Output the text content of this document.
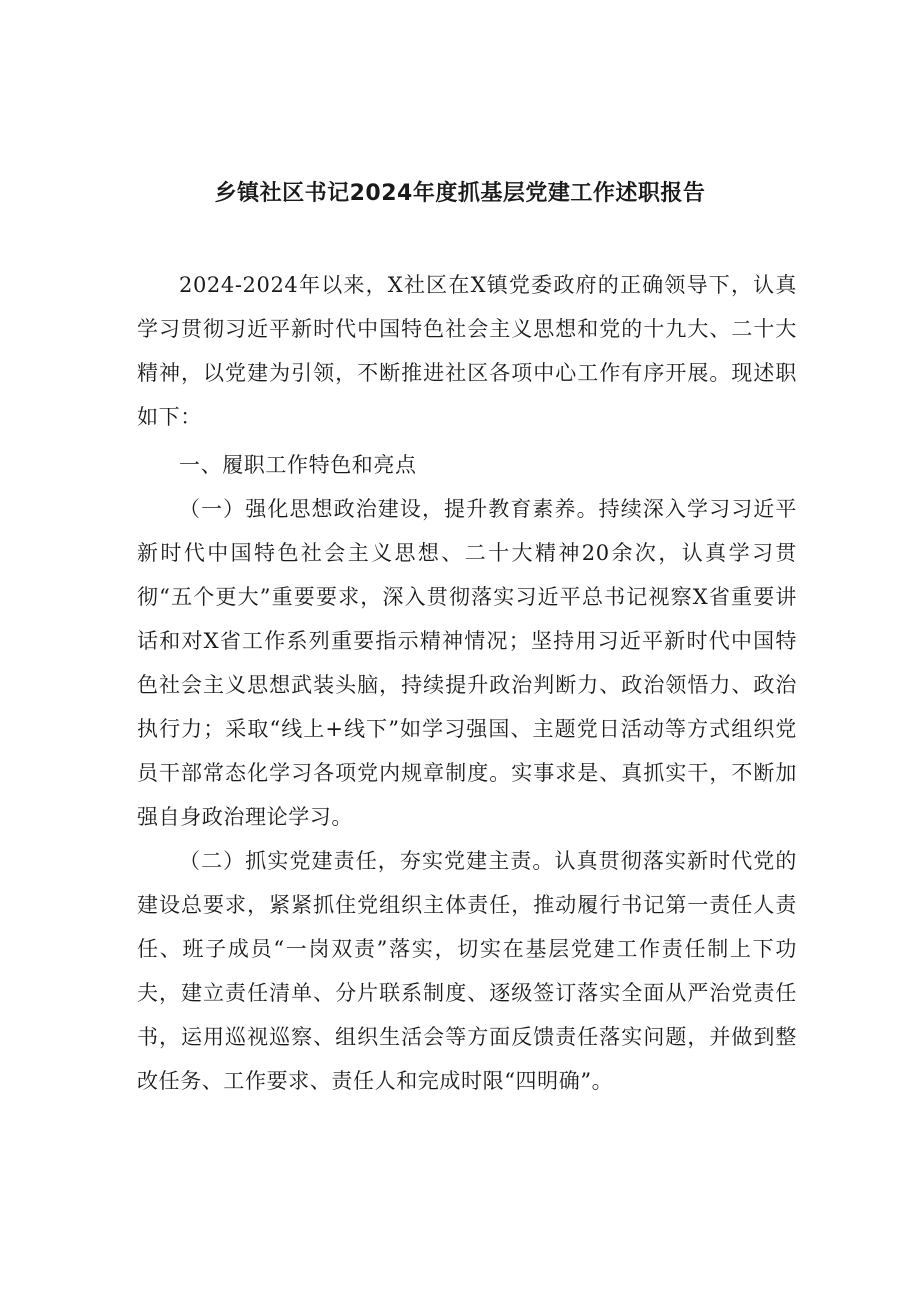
乡镇社区书记2024年度抓基层党建工作述职报告

2024-2024年以来，X社区在X镇党委政府的正确领导下，认真学习贯彻习近平新时代中国特色社会主义思想和党的十九大、二十大精神，以党建为引领，不断推进社区各项中心工作有序开展。现述职如下：

一、履职工作特色和亮点

（一）强化思想政治建设，提升教育素养。持续深入学习习近平新时代中国特色社会主义思想、二十大精神20余次，认真学习贯彻“五个更大”重要要求，深入贯彻落实习近平总书记视察X省重要讲话和对X省工作系列重要指示精神情况；坚持用习近平新时代中国特色社会主义思想武装头脑，持续提升政治判断力、政治领悟力、政治执行力；采取“线上+线下”如学习强国、主题党日活动等方式组织党员干部常态化学习各项党内规章制度。实事求是、真抓实干，不断加强自身政治理论学习。

（二）抓实党建责任，夯实党建主责。认真贯彻落实新时代党的建设总要求，紧紧抓住党组织主体责任，推动履行书记第一责任人责任、班子成员“一岗双责”落实，切实在基层党建工作责任制上下功夫，建立责任清单、分片联系制度、逐级签订落实全面从严治党责任书，运用巡视巡察、组织生活会等方面反馈责任落实问题，并做到整改任务、工作要求、责任人和完成时限“四明确”。
